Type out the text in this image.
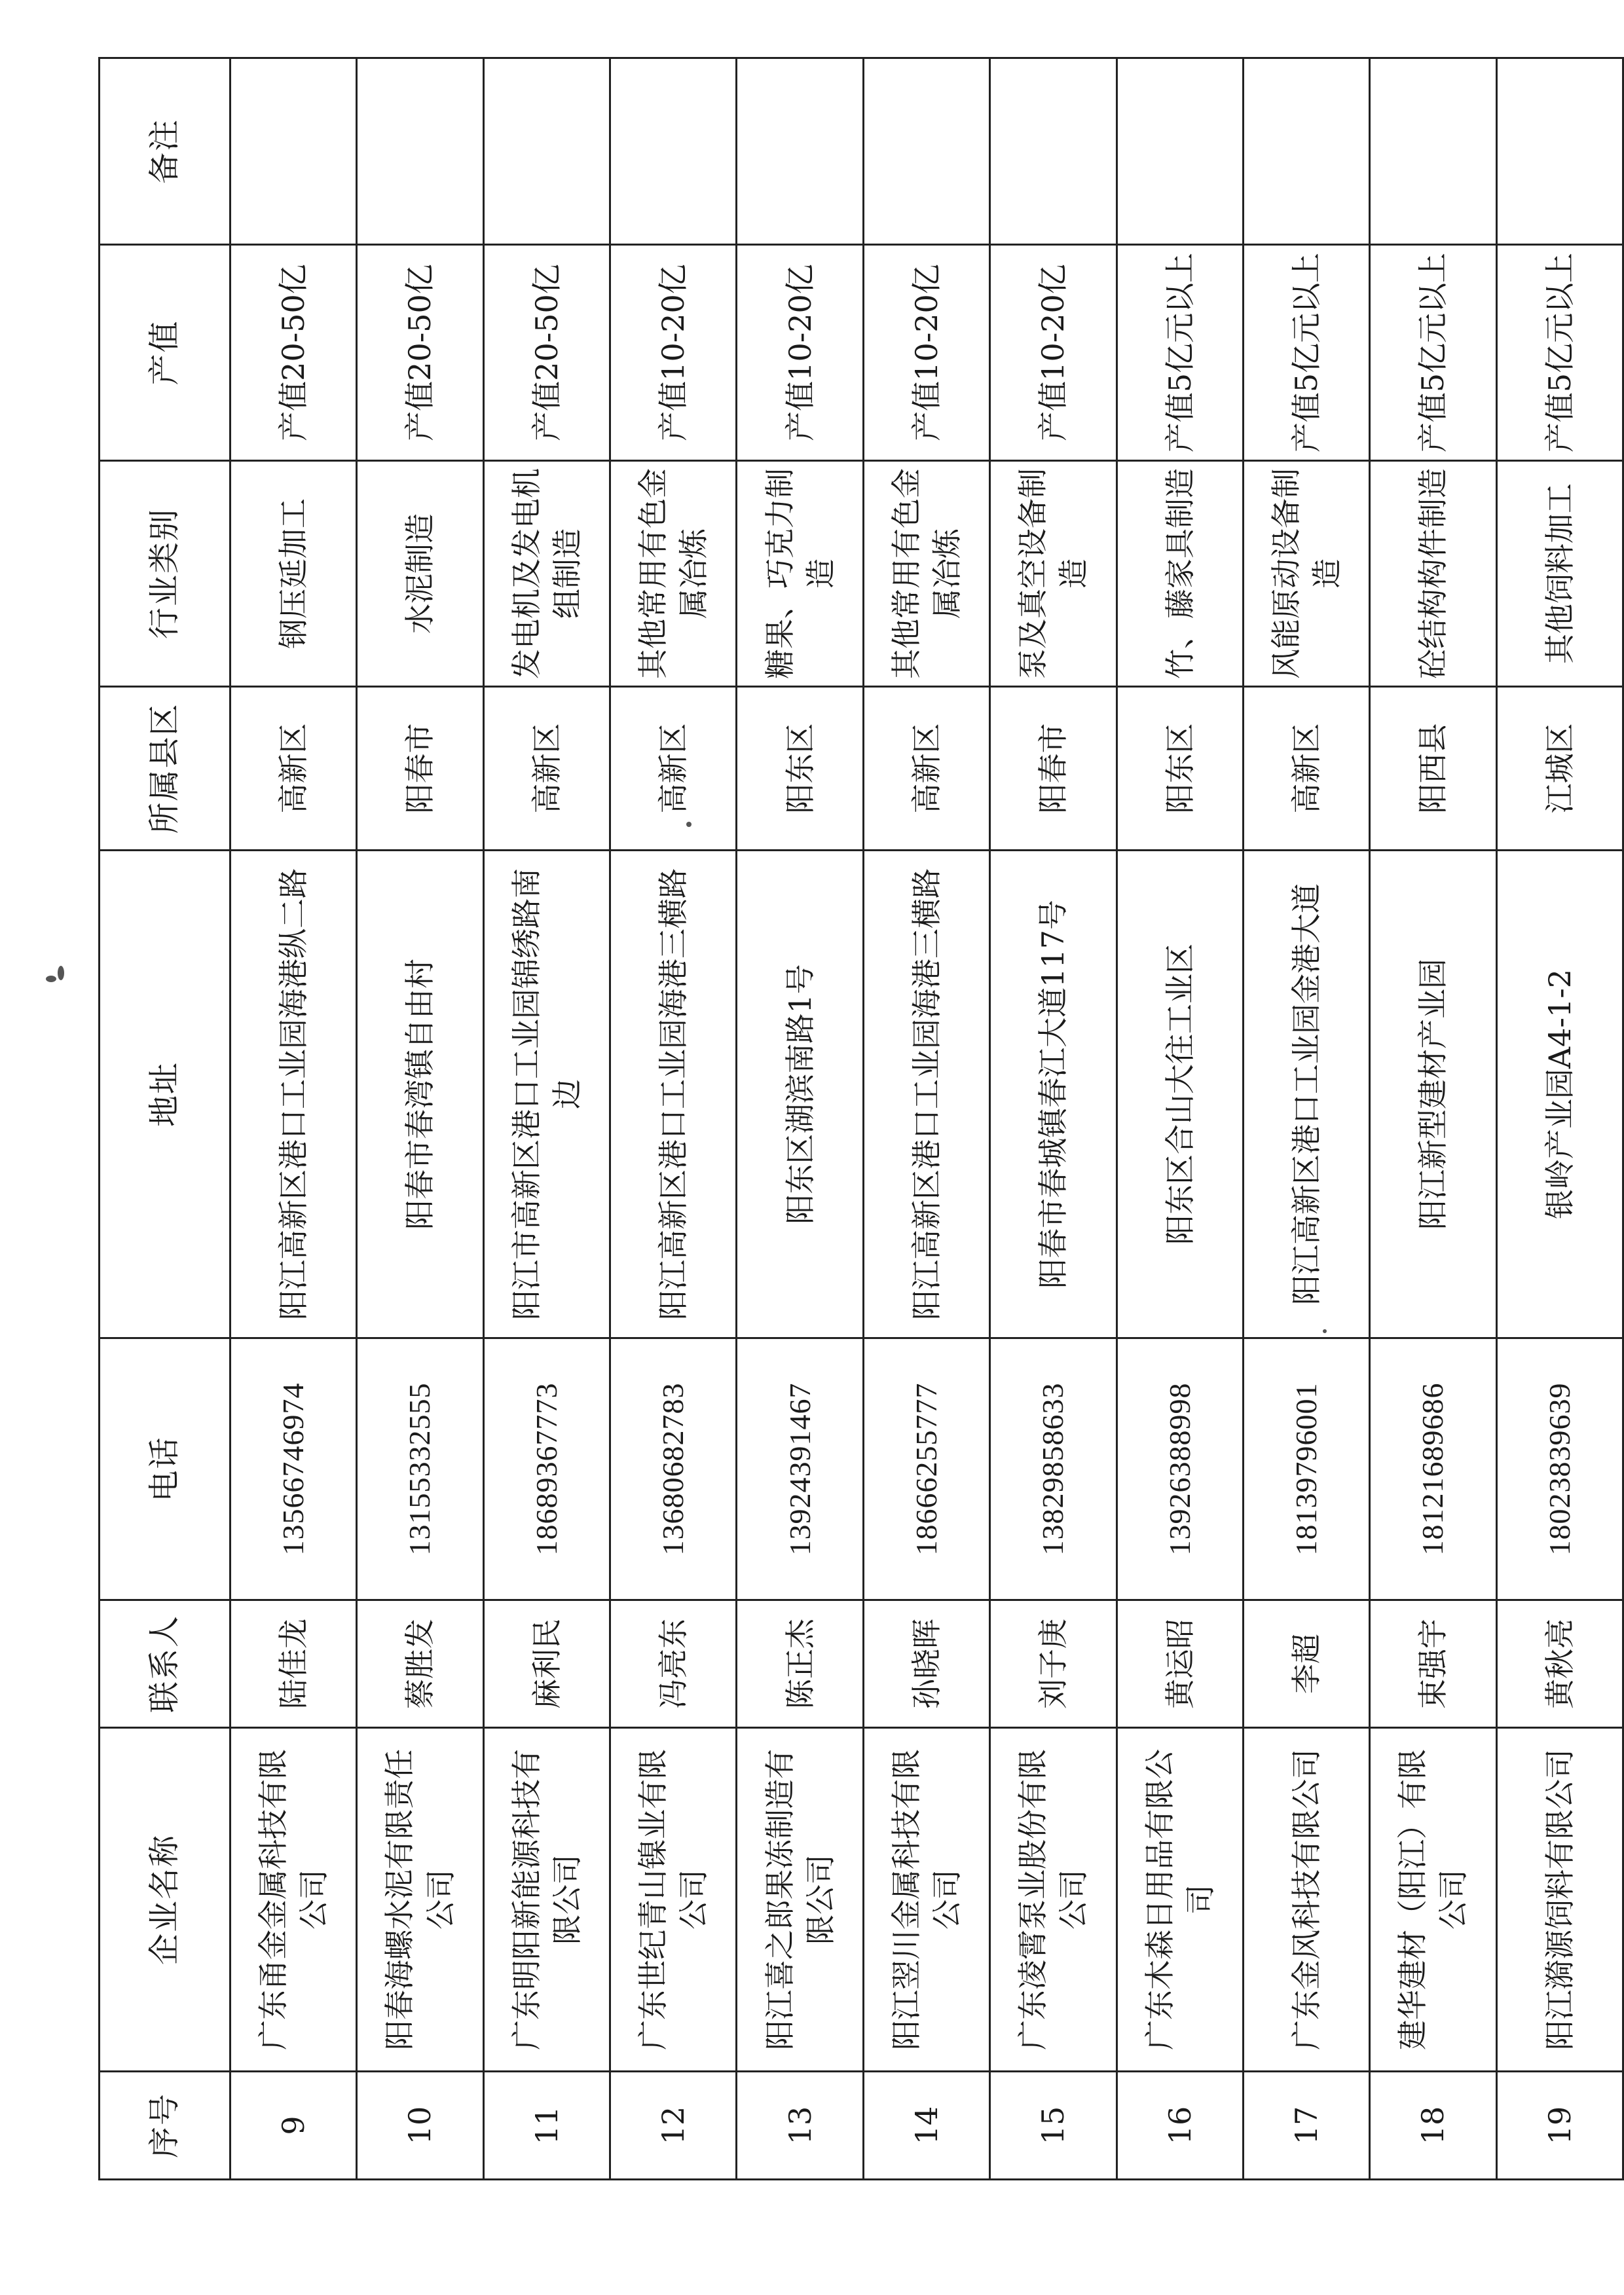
序号	企业名称	联系人	电话	地址	所属县区	行业类别	产值	备注
9	广东甬金金属科技有限公司	陆佳龙	13566746974	阳江高新区港口工业园海港纵二路	高新区	钢压延加工	产值20-50亿	
10	阳春海螺水泥有限责任公司	蔡胜发	13155332555	阳春市春湾镇自由村	阳春市	水泥制造	产值20-50亿	
11	广东明阳新能源科技有限公司	麻利民	18689367773	阳江市高新区港口工业园锦绣路南边	高新区	发电机及发电机组制造	产值20-50亿	
12	广东世纪青山镍业有限公司	冯亮东	13680682783	阳江高新区港口工业园海港三横路	高新区	其他常用有色金属冶炼	产值10-20亿	
13	阳江喜之郎果冻制造有限公司	陈正杰	13924391467	阳东区湖滨南路1号	阳东区	糖果、巧克力制造	产值10-20亿	
14	阳江翌川金属科技有限公司	孙晓晖	18666255777	阳江高新区港口工业园海港三横路	高新区	其他常用有色金属冶炼	产值10-20亿	
15	广东凌霄泵业股份有限公司	刘子庚	13829858633	阳春市春城镇春江大道117号	阳春市	泵及真空设备制造	产值10-20亿	
16	广东木森日用品有限公司	黄运昭	13926388998	阳东区合山大往工业区	阳东区	竹、藤家具制造	产值5亿元以上	
17	广东金风科技有限公司	李超	18139796001	阳江高新区港口工业园金港大道	高新区	风能原动设备制造	产值5亿元以上	
18	建华建材（阳江）有限公司	束强宇	18121689686	阳江新型建材产业园	阳西县	砼结构构件制造	产值5亿元以上	
19	阳江漪源饲料有限公司	黄秋亮	18023839639	银岭产业园A4-1-2	江城区	其他饲料加工	产值5亿元以上	
